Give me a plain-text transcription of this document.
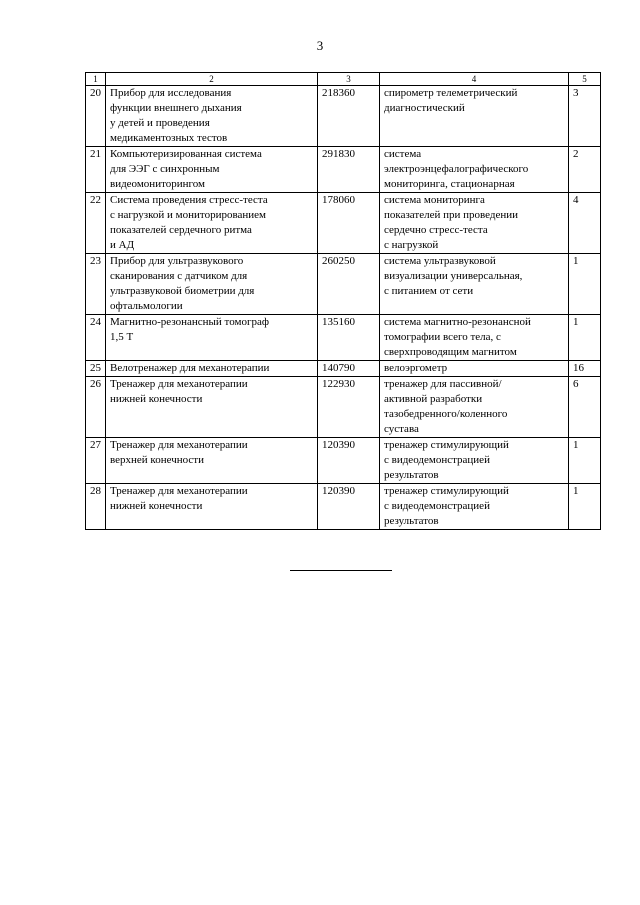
3
1	2	3	4	5
20	Прибор для исследования
функции внешнего дыхания
у детей и проведения
медикаментозных тестов	218360	спирометр телеметрический
диагностический	3
21	Компьютеризированная система
для ЭЭГ с синхронным
видеомониторингом	291830	система
электроэнцефалографического
мониторинга, стационарная	2
22	Система проведения стресс-теста
с нагрузкой и мониторированием
показателей сердечного ритма
и АД	178060	система мониторинга
показателей при проведении
сердечно стресс-теста
с нагрузкой	4
23	Прибор для ультразвукового
сканирования с датчиком для
ультразвуковой биометрии для
офтальмологии	260250	система ультразвуковой
визуализации универсальная,
с питанием от сети	1
24	Магнитно-резонансный томограф
1,5 Т	135160	система магнитно-резонансной
томографии всего тела, с
сверхпроводящим магнитом	1
25	Велотренажер для механотерапии	140790	велоэргометр	16
26	Тренажер для механотерапии
нижней конечности	122930	тренажер для пассивной/
активной разработки
тазобедренного/коленного
сустава	6
27	Тренажер для механотерапии
верхней конечности	120390	тренажер стимулирующий
с видеодемонстрацией
результатов	1
28	Тренажер для механотерапии
нижней конечности	120390	тренажер стимулирующий
с видеодемонстрацией
результатов	1
